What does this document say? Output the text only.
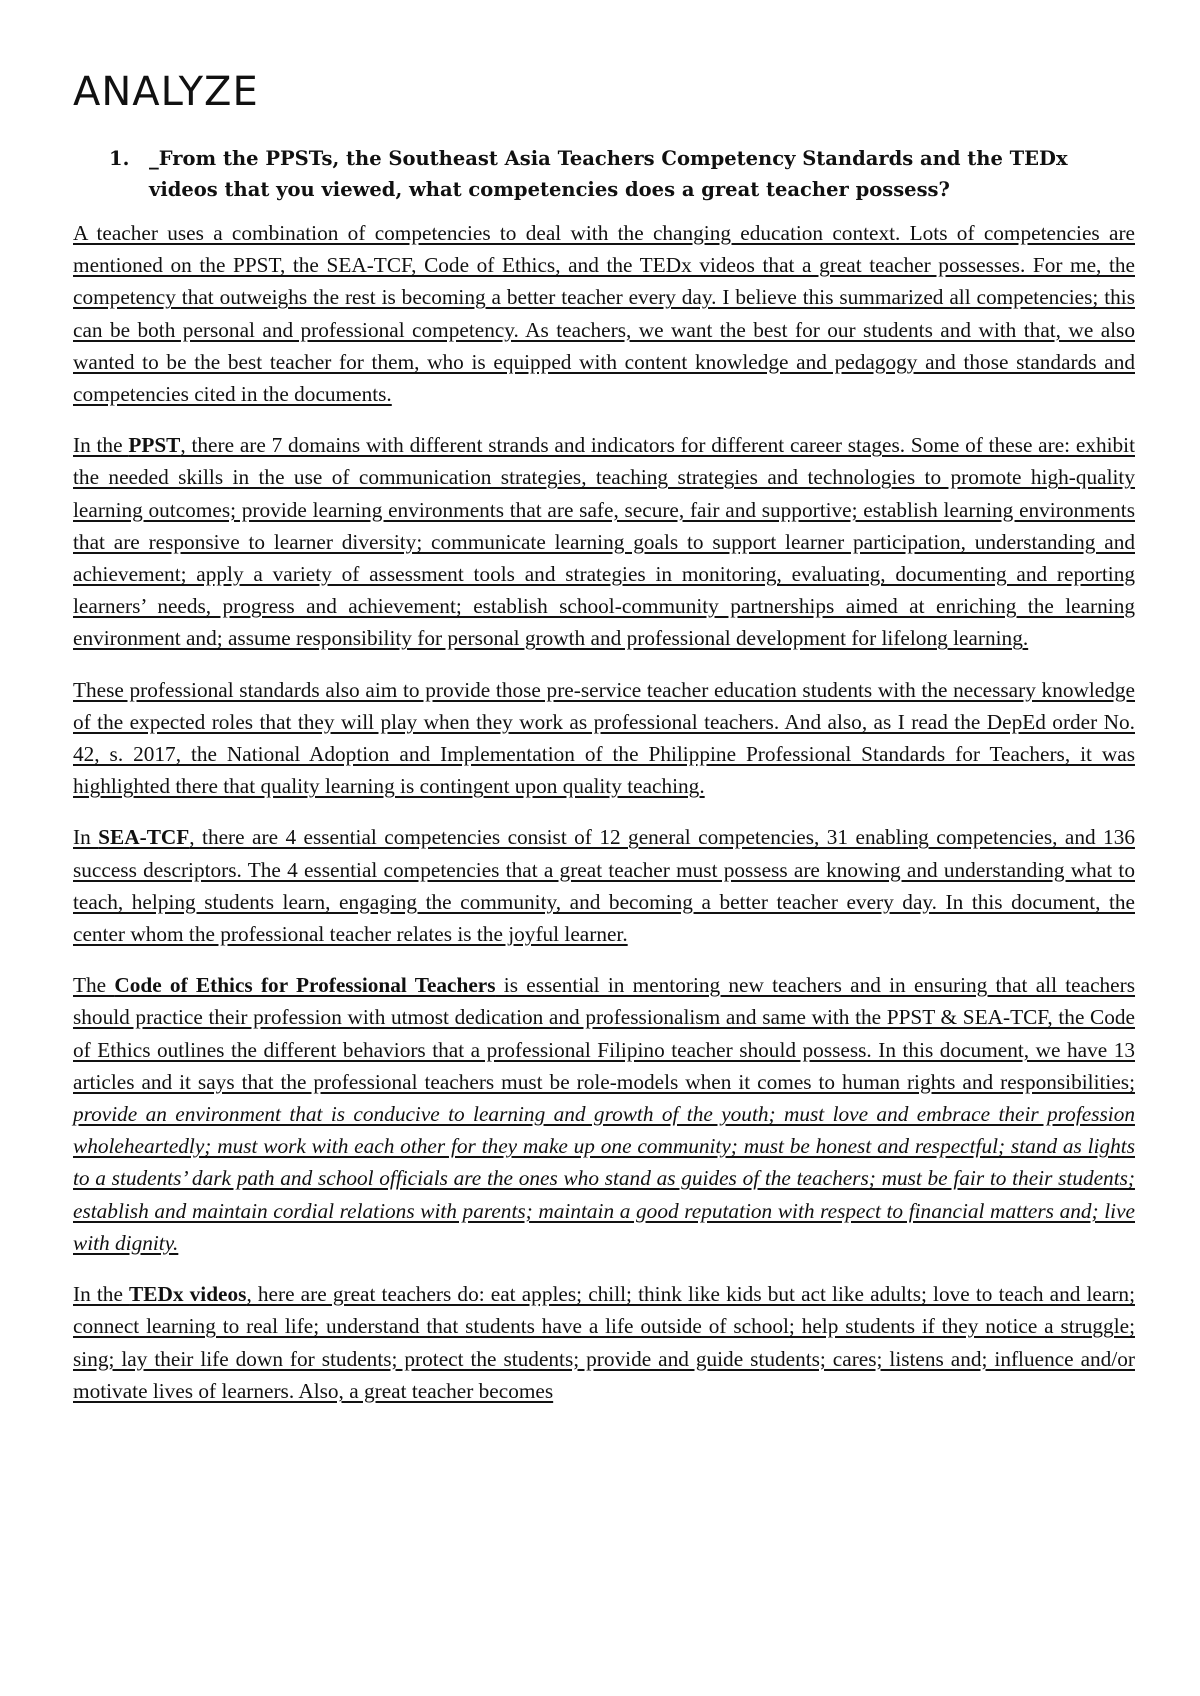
ANALYZE
1.	_From the PPSTs, the Southeast Asia Teachers Competency Standards and the TEDx videos that you viewed, what competencies does a great teacher possess?

A teacher uses a combination of competencies to deal with the changing education context. Lots of competencies are mentioned on the PPST, the SEA-TCF, Code of Ethics, and the TEDx videos that a great teacher possesses. For me, the competency that outweighs the rest is becoming a better teacher every day. I believe this summarized all competencies; this can be both personal and professional competency. As teachers, we want the best for our students and with that, we also wanted to be the best teacher for them, who is equipped with content knowledge and pedagogy and those standards and competencies cited in the documents.

In the PPST, there are 7 domains with different strands and indicators for different career stages. Some of these are: exhibit the needed skills in the use of communication strategies, teaching strategies and technologies to promote high-quality learning outcomes; provide learning environments that are safe, secure, fair and supportive; establish learning environments that are responsive to learner diversity; communicate learning goals to support learner participation, understanding and achievement; apply a variety of assessment tools and strategies in monitoring, evaluating, documenting and reporting learners’ needs, progress and achievement; establish school-community partnerships aimed at enriching the learning environment and; assume responsibility for personal growth and professional development for lifelong learning.

These professional standards also aim to provide those pre-service teacher education students with the necessary knowledge of the expected roles that they will play when they work as professional teachers. And also, as I read the DepEd order No. 42, s. 2017, the National Adoption and Implementation of the Philippine Professional Standards for Teachers, it was highlighted there that quality learning is contingent upon quality teaching.

In SEA-TCF, there are 4 essential competencies consist of 12 general competencies, 31 enabling competencies, and 136 success descriptors. The 4 essential competencies that a great teacher must possess are knowing and understanding what to teach, helping students learn, engaging the community, and becoming a better teacher every day. In this document, the center whom the professional teacher relates is the joyful learner.

The Code of Ethics for Professional Teachers is essential in mentoring new teachers and in ensuring that all teachers should practice their profession with utmost dedication and professionalism and same with the PPST & SEA-TCF, the Code of Ethics outlines the different behaviors that a professional Filipino teacher should possess. In this document, we have 13 articles and it says that the professional teachers must be role-models when it comes to human rights and responsibilities; provide an environment that is conducive to learning and growth of the youth; must love and embrace their profession wholeheartedly; must work with each other for they make up one community; must be honest and respectful; stand as lights to a students’ dark path and school officials are the ones who stand as guides of the teachers; must be fair to their students; establish and maintain cordial relations with parents; maintain a good reputation with respect to financial matters and; live with dignity.

In the TEDx videos, here are great teachers do: eat apples; chill; think like kids but act like adults; love to teach and learn; connect learning to real life; understand that students have a life outside of school; help students if they notice a struggle; sing; lay their life down for students; protect the students; provide and guide students; cares; listens and; influence and/or motivate lives of learners. Also, a great teacher becomes
